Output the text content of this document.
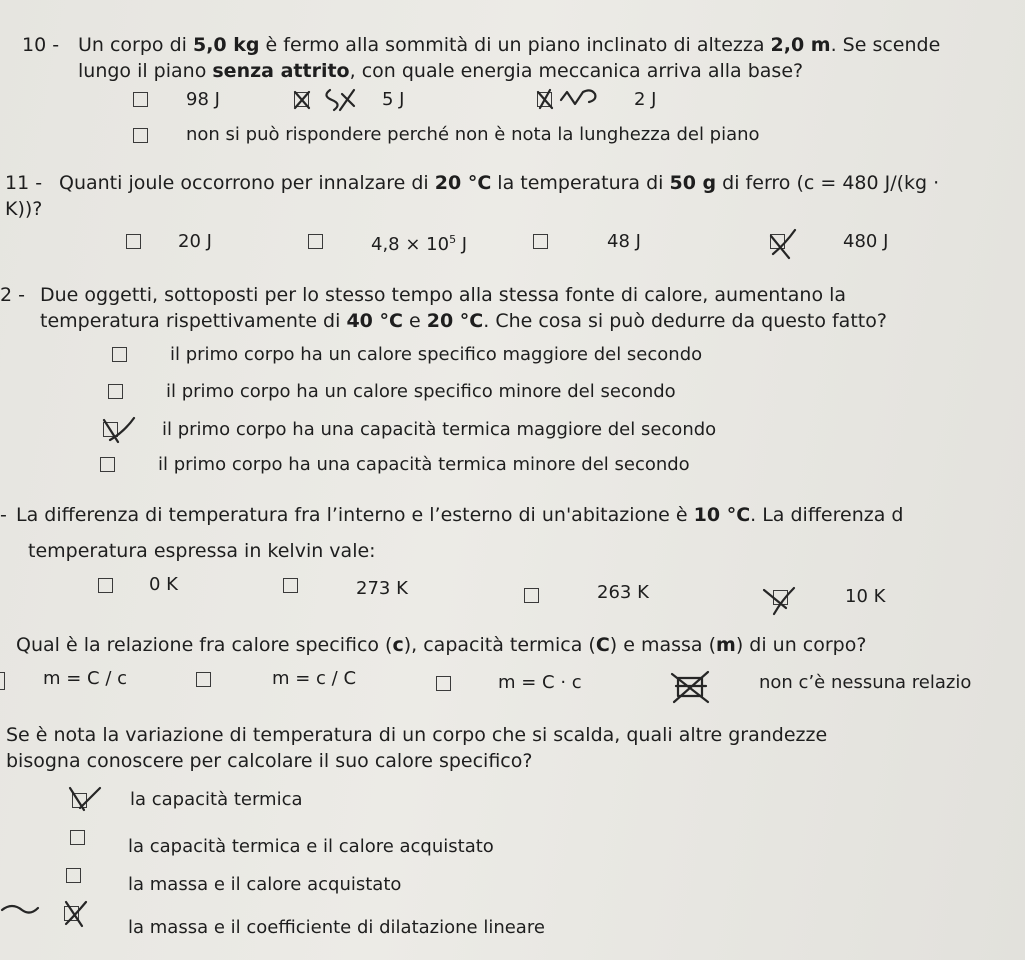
10 - Un corpo di 5,0 kg è fermo alla sommità di un piano inclinato di altezza 2,0 m. Se scende
lungo il piano senza attrito, con quale energia meccanica arriva alla base?
98 J	5 J	2 J
non si può rispondere perché non è nota la lunghezza del piano
11 - Quanti joule occorrono per innalzare di 20 °C la temperatura di 50 g di ferro (c = 480 J/(kg ·
K))?
20 J	$4,8 \times 10^5$ J	48 J	480 J
2 - Due oggetti, sottoposti per lo stesso tempo alla stessa fonte di calore, aumentano la
temperatura rispettivamente di 40 °C e 20 °C. Che cosa si può dedurre da questo fatto?
il primo corpo ha un calore specifico maggiore del secondo
il primo corpo ha un calore specifico minore del secondo
il primo corpo ha una capacità termica maggiore del secondo
il primo corpo ha una capacità termica minore del secondo
- La differenza di temperatura fra l’interno e l’esterno di un'abitazione è 10 °C. La differenza d
temperatura espressa in kelvin vale:
0 K	273 K	263 K	10 K
Qual è la relazione fra calore specifico (c), capacità termica (C) e massa (m) di un corpo?
m = C / c	m = c / C	m = C · c	non c’è nessuna relazio
Se è nota la variazione di temperatura di un corpo che si scalda, quali altre grandezze
bisogna conoscere per calcolare il suo calore specifico?
la capacità termica
la capacità termica e il calore acquistato
la massa e il calore acquistato
la massa e il coefficiente di dilatazione lineare
